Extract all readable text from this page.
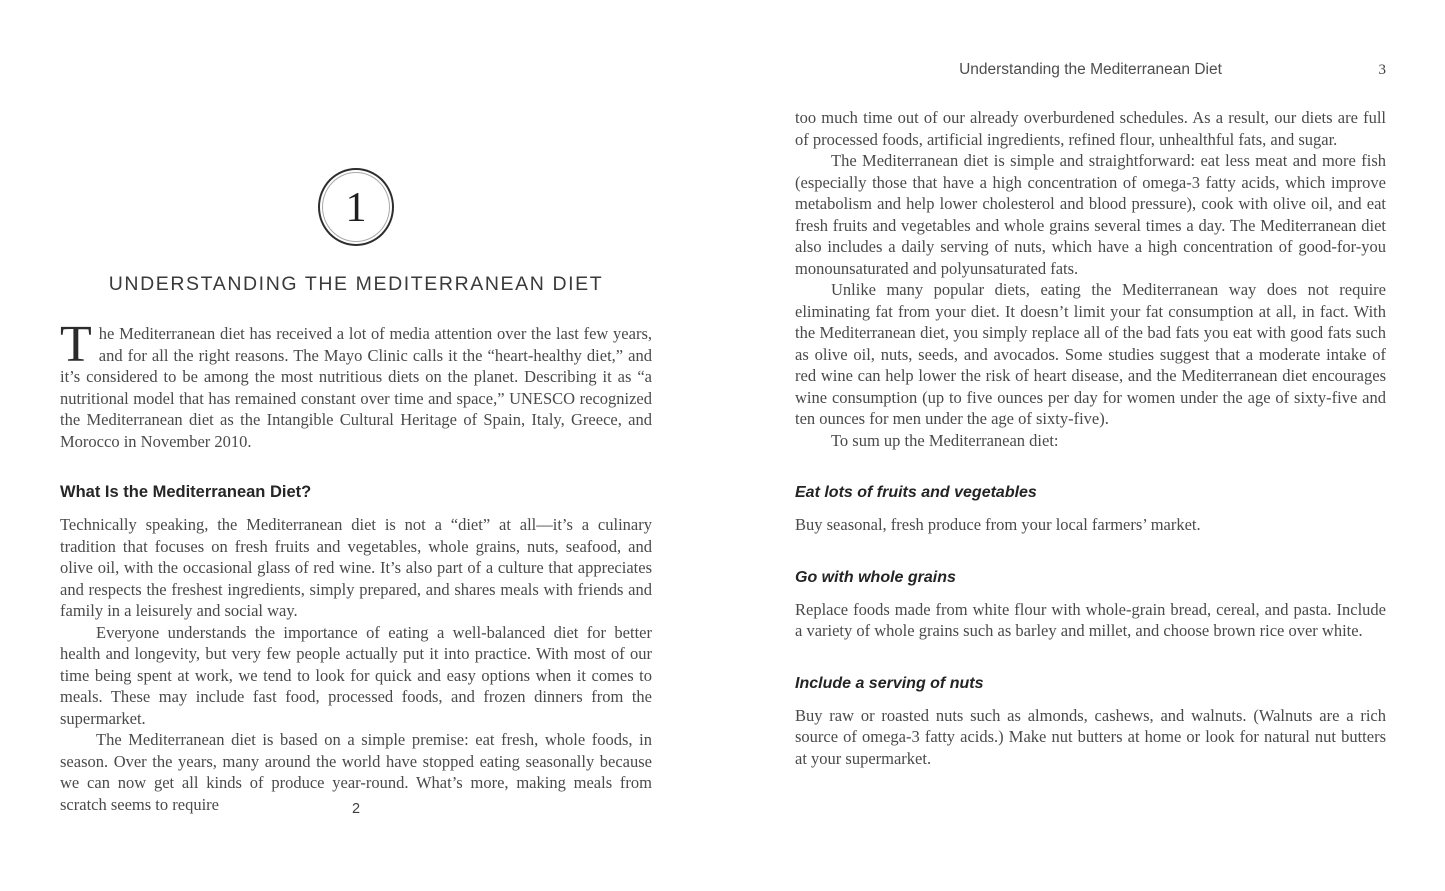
1
UNDERSTANDING THE MEDITERRANEAN DIET

The Mediterranean diet has received a lot of media attention over the last few years, and for all the right reasons. The Mayo Clinic calls it the “heart-healthy diet,” and it’s considered to be among the most nutritious diets on the planet. Describing it as “a nutritional model that has remained constant over time and space,” UNESCO recognized the Mediterranean diet as the Intangible Cultural Heritage of Spain, Italy, Greece, and Morocco in November 2010.

What Is the Mediterranean Diet?

Technically speaking, the Mediterranean diet is not a “diet” at all—it’s a culinary tradition that focuses on fresh fruits and vegetables, whole grains, nuts, seafood, and olive oil, with the occasional glass of red wine. It’s also part of a culture that appreciates and respects the freshest ingredients, simply prepared, and shares meals with friends and family in a leisurely and social way.

Everyone understands the importance of eating a well-balanced diet for better health and longevity, but very few people actually put it into practice. With most of our time being spent at work, we tend to look for quick and easy options when it comes to meals. These may include fast food, processed foods, and frozen dinners from the supermarket.

The Mediterranean diet is based on a simple premise: eat fresh, whole foods, in season. Over the years, many around the world have stopped eating seasonally because we can now get all kinds of produce year-round. What’s more, making meals from scratch seems to require	2
Understanding the Mediterranean Diet	3

too much time out of our already overburdened schedules. As a result, our diets are full of processed foods, artificial ingredients, refined flour, unhealthful fats, and sugar.

The Mediterranean diet is simple and straightforward: eat less meat and more fish (especially those that have a high concentration of omega-3 fatty acids, which improve metabolism and help lower cholesterol and blood pressure), cook with olive oil, and eat fresh fruits and vegetables and whole grains several times a day. The Mediterranean diet also includes a daily serving of nuts, which have a high concentration of good-for-you monounsaturated and polyunsaturated fats.

Unlike many popular diets, eating the Mediterranean way does not require eliminating fat from your diet. It doesn’t limit your fat consumption at all, in fact. With the Mediterranean diet, you simply replace all of the bad fats you eat with good fats such as olive oil, nuts, seeds, and avocados. Some studies suggest that a moderate intake of red wine can help lower the risk of heart disease, and the Mediterranean diet encourages wine consumption (up to five ounces per day for women under the age of sixty-five and ten ounces for men under the age of sixty-five).

To sum up the Mediterranean diet:

Eat lots of fruits and vegetables

Buy seasonal, fresh produce from your local farmers’ market.

Go with whole grains

Replace foods made from white flour with whole-grain bread, cereal, and pasta. Include a variety of whole grains such as barley and millet, and choose brown rice over white.

Include a serving of nuts

Buy raw or roasted nuts such as almonds, cashews, and walnuts. (Walnuts are a rich source of omega-3 fatty acids.) Make nut butters at home or look for natural nut butters at your supermarket.
